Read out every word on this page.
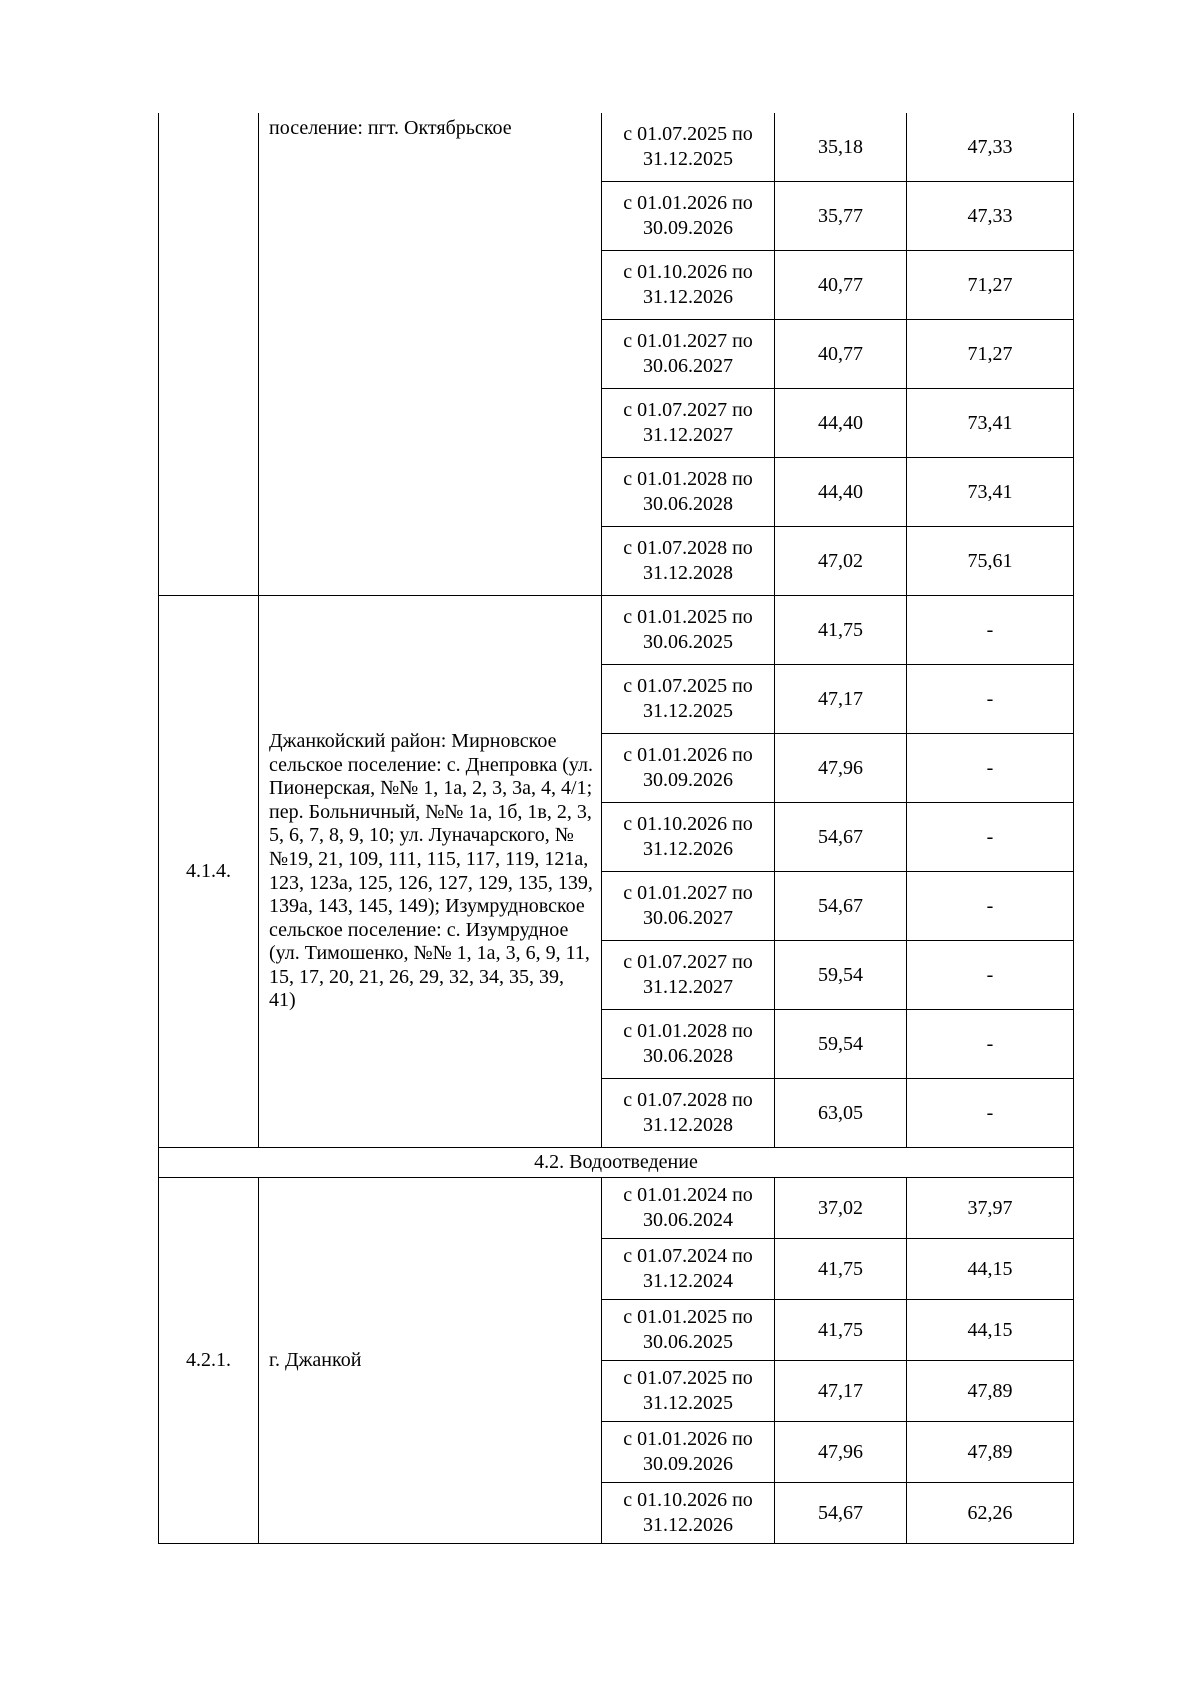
	поселение: пгт. Октябрьское	с 01.07.2025 по 31.12.2025	35,18	47,33
		с 01.01.2026 по 30.09.2026	35,77	47,33
		с 01.10.2026 по 31.12.2026	40,77	71,27
		с 01.01.2027 по 30.06.2027	40,77	71,27
		с 01.07.2027 по 31.12.2027	44,40	73,41
		с 01.01.2028 по 30.06.2028	44,40	73,41
		с 01.07.2028 по 31.12.2028	47,02	75,61
4.1.4.	Джанкойский район: Мирновское сельское поселение: с. Днепровка (ул. Пионерская, №№ 1, 1а, 2, 3, 3а, 4, 4/1; пер. Больничный, №№ 1а, 1б, 1в, 2, 3, 5, 6, 7, 8, 9, 10; ул. Луначарского, №№19, 21, 109, 111, 115, 117, 119, 121а, 123, 123а, 125, 126, 127, 129, 135, 139, 139а, 143, 145, 149); Изумрудновское сельское поселение: с. Изумрудное (ул. Тимошенко, №№ 1, 1а, 3, 6, 9, 11, 15, 17, 20, 21, 26, 29, 32, 34, 35, 39, 41)	с 01.01.2025 по 30.06.2025	41,75	-
		с 01.07.2025 по 31.12.2025	47,17	-
		с 01.01.2026 по 30.09.2026	47,96	-
		с 01.10.2026 по 31.12.2026	54,67	-
		с 01.01.2027 по 30.06.2027	54,67	-
		с 01.07.2027 по 31.12.2027	59,54	-
		с 01.01.2028 по 30.06.2028	59,54	-
		с 01.07.2028 по 31.12.2028	63,05	-
4.2. Водоотведение				
4.2.1.	г. Джанкой	с 01.01.2024 по 30.06.2024	37,02	37,97
		с 01.07.2024 по 31.12.2024	41,75	44,15
		с 01.01.2025 по 30.06.2025	41,75	44,15
		с 01.07.2025 по 31.12.2025	47,17	47,89
		с 01.01.2026 по 30.09.2026	47,96	47,89
		с 01.10.2026 по 31.12.2026	54,67	62,26
